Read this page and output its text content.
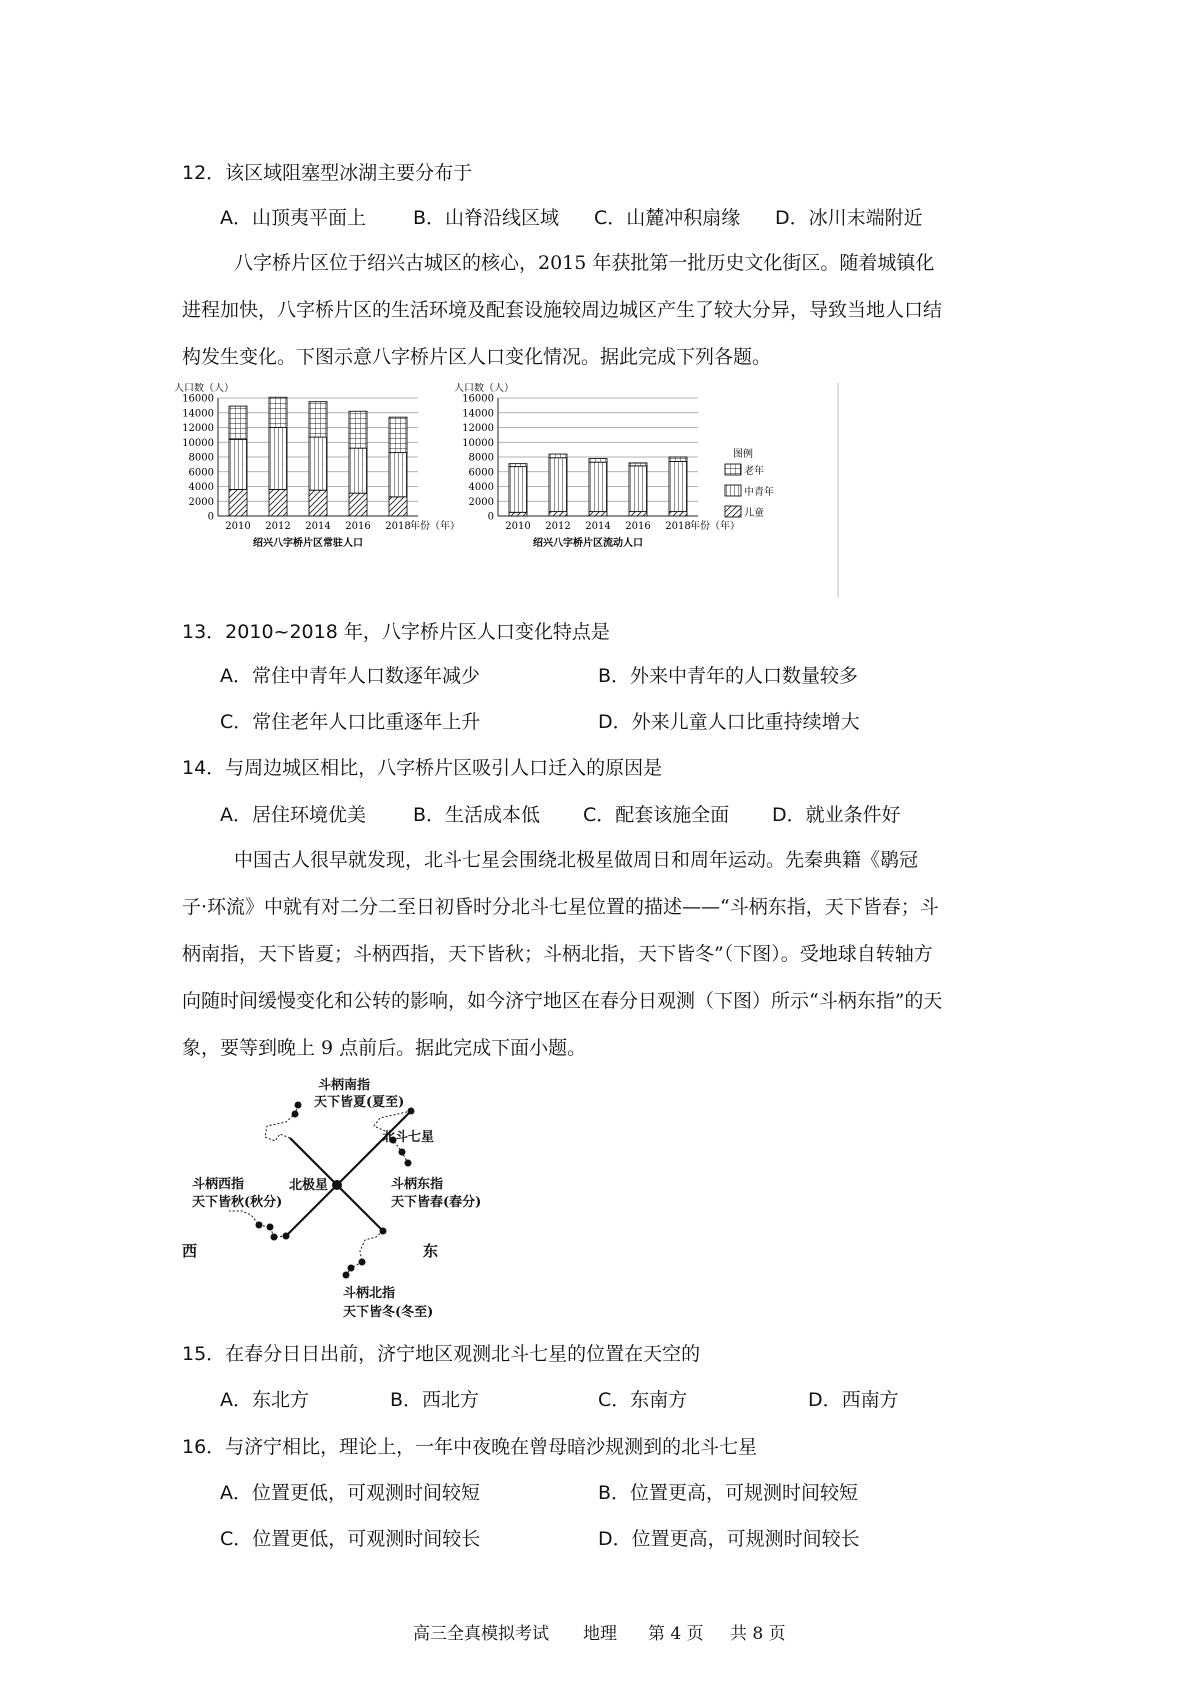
12．该区域阻塞型冰湖主要分布于
A．山顶夷平面上 B．山脊沿线区域 C．山麓冲积扇缘 D．冰川末端附近
八字桥片区位于绍兴古城区的核心，2015 年获批第一批历史文化街区。随着城镇化
进程加快，八字桥片区的生活环境及配套设施较周边城区产生了较大分异，导致当地人口结
构发生变化。下图示意八字桥片区人口变化情况。据此完成下列各题。
人口数（人）
0
2000
4000
6000
8000
10000
12000
14000
16000
2010 2012 2014 2016 2018 年份（年）
绍兴八字桥片区常驻人口
人口数（人）
0
2000
4000
6000
8000
10000
12000
14000
16000
2010 2012 2014 2016 2018 年份（年）
绍兴八字桥片区流动人口
图例
老年
中青年
儿童
13．2010~2018 年，八字桥片区人口变化特点是
A．常住中青年人口数逐年减少	B．外来中青年的人口数量较多
C．常住老年人口比重逐年上升	D．外来儿童人口比重持续增大
14．与周边城区相比，八字桥片区吸引人口迁入的原因是
A．居住环境优美 B．生活成本低 C．配套该施全面 D．就业条件好
中国古人很早就发现，北斗七星会围绕北极星做周日和周年运动。先秦典籍《鹖冠
子·环流》中就有对二分二至日初昏时分北斗七星位置的描述——“斗柄东指，天下皆春；斗
柄南指，天下皆夏；斗柄西指，天下皆秋；斗柄北指，天下皆冬”（下图）。受地球自转轴方
向随时间缓慢变化和公转的影响，如今济宁地区在春分日观测（下图）所示“斗柄东指”的天
象，要等到晚上 9 点前后。据此完成下面小题。
斗柄南指
天下皆夏(夏至)
北斗七星
斗柄西指
天下皆秋(秋分)
北极星	斗柄东指
天下皆春(春分)
西	东
斗柄北指
天下皆冬(冬至)
15．在春分日日出前，济宁地区观测北斗七星的位置在天空的
A．东北方	B．西北方	C．东南方	D．西南方
16．与济宁相比，理论上，一年中夜晚在曾母暗沙规测到的北斗七星
A．位置更低，可观测时间较短	B．位置更高，可规测时间较短
C．位置更低，可观测时间较长	D．位置更高，可规测时间较长
高三全真模拟考试 地理 第 4 页 共 8 页
